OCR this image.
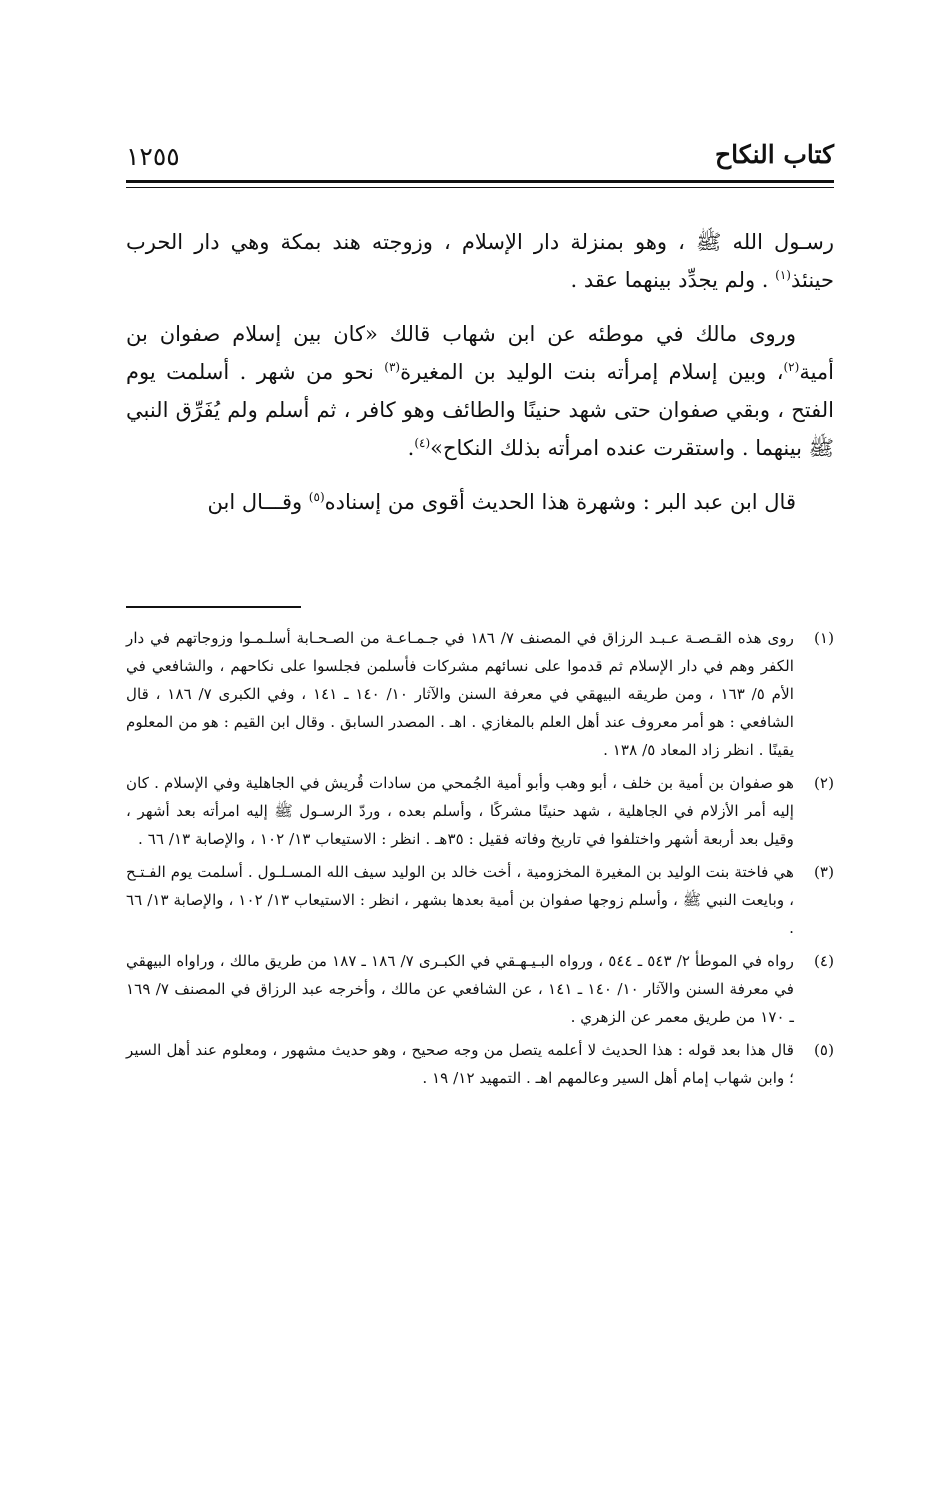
كتاب النكاح
١٢٥٥

رسـول الله ﷺ ، وهو بمنزلة دار الإسلام ، وزوجته هند بمكة وهي دار الحرب حينئذ$^{(١)}$ . ولم يجدِّد بينهما عقد .

وروى مالك في موطئه عن ابن شهاب قالك «كان بين إسلام صفوان بن أمية$^{(٢)}$، وبين إسلام إمرأته بنت الوليد بن المغيرة$^{(٣)}$ نحو من شهر . أسلمت يوم الفتح ، وبقي صفوان حتى شهد حنينًا والطائف وهو كافر ، ثم أسلم ولم يُفَرِّق النبي ﷺ بينهما . واستقرت عنده امرأته بذلك النكاح»$^{(٤)}$.

قال ابن عبد البر : وشهرة هذا الحديث أقوى من إسناده$^{(٥)}$ وقـــال ابن

(١)
روى هذه القـصـة عـبـد الرزاق في المصنف ٧/ ١٨٦ في جـمـاعـة من الصـحـابة أسلـمـوا وزوجاتهم في دار الكفر وهم في دار الإسلام ثم قدموا على نسائهم مشركات فأسلمن فجلسوا على نكاحهم ، والشافعي في الأم ٥/ ١٦٣ ، ومن طريقه البيهقي في معرفة السنن والآثار ١٠/ ١٤٠ ـ ١٤١ ، وفي الكبرى ٧/ ١٨٦ ، قال الشافعي : هو أمر معروف عند أهل العلم بالمغازي . اهـ . المصدر السابق . وقال ابن القيم : هو من المعلوم يقينًا . انظر زاد المعاد ٥/ ١٣٨ .
(٢)
هو صفوان بن أمية بن خلف ، أبو وهب وأبو أمية الجُمحي من سادات قُريش في الجاهلية وفي الإسلام . كان إليه أمر الأزلام في الجاهلية ، شهد حنينًا مشركًا ، وأسلم بعده ، وردّ الرسـول ﷺ إليه امرأته بعد أشهر ، وقيل بعد أربعة أشهر واختلفوا في تاريخ وفاته فقيل : ٣٥هـ . انظر : الاستيعاب ١٣/ ١٠٢ ، والإصابة ١٣/ ٦٦ .
(٣)
هي فاختة بنت الوليد بن المغيرة المخزومية ، أخت خالد بن الوليد سيف الله المسـلـول . أسلمت يوم الفـتـح ، وبايعت النبي ﷺ ، وأسلم زوجها صفوان بن أمية بعدها بشهر ، انظر : الاستيعاب ١٣/ ١٠٢ ، والإصابة ١٣/ ٦٦ .
(٤)
رواه في الموطأ ٢/ ٥٤٣ ـ ٥٤٤ ، ورواه البـيـهـقي في الكبـرى ٧/ ١٨٦ ـ ١٨٧ من طريق مالك ، وراواه البيهقي في معرفة السنن والآثار ١٠/ ١٤٠ ـ ١٤١ ، عن الشافعي عن مالك ، وأخرجه عبد الرزاق في المصنف ٧/ ١٦٩ ـ ١٧٠ من طريق معمر عن الزهري .
(٥)
قال هذا بعد قوله : هذا الحديث لا أعلمه يتصل من وجه صحيح ، وهو حديث مشهور ، ومعلوم عند أهل السير ؛ وابن شهاب إمام أهل السير وعالمهم اهـ . التمهيد ١٢/ ١٩ .
